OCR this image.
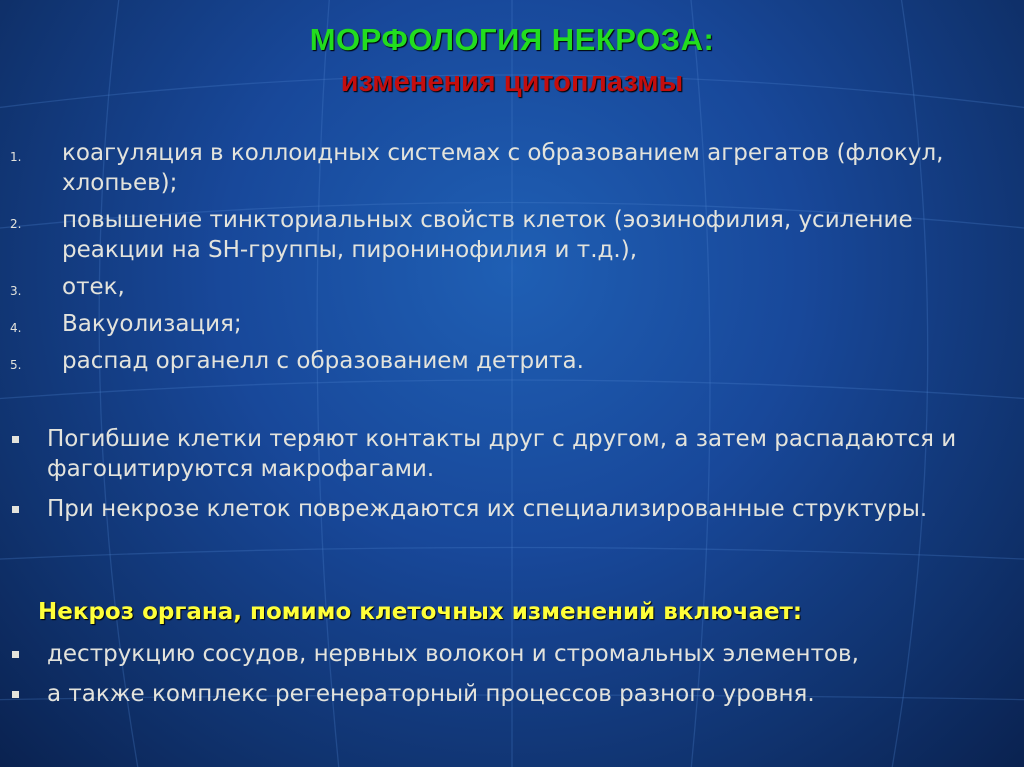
МОРФОЛОГИЯ НЕКРОЗА:
изменения цитоплазмы
1. коагуляция в коллоидных системах с образованием агрегатов (флокул, хлопьев);
2. повышение тинкториальных свойств клеток (эозинофилия, усиление реакции на SH-группы, пиронинофилия и т.д.),
3. отек,
4. Вакуолизация;
5. распад органелл с образованием детрита.
Погибшие клетки теряют контакты друг с другом, а затем распадаются и фагоцитируются макрофагами.
При некрозе клеток повреждаются их специализированные структуры.
Некроз органа, помимо клеточных изменений включает:
деструкцию сосудов, нервных волокон и стромальных элементов,
а также комплекс регенераторный процессов разного уровня.
